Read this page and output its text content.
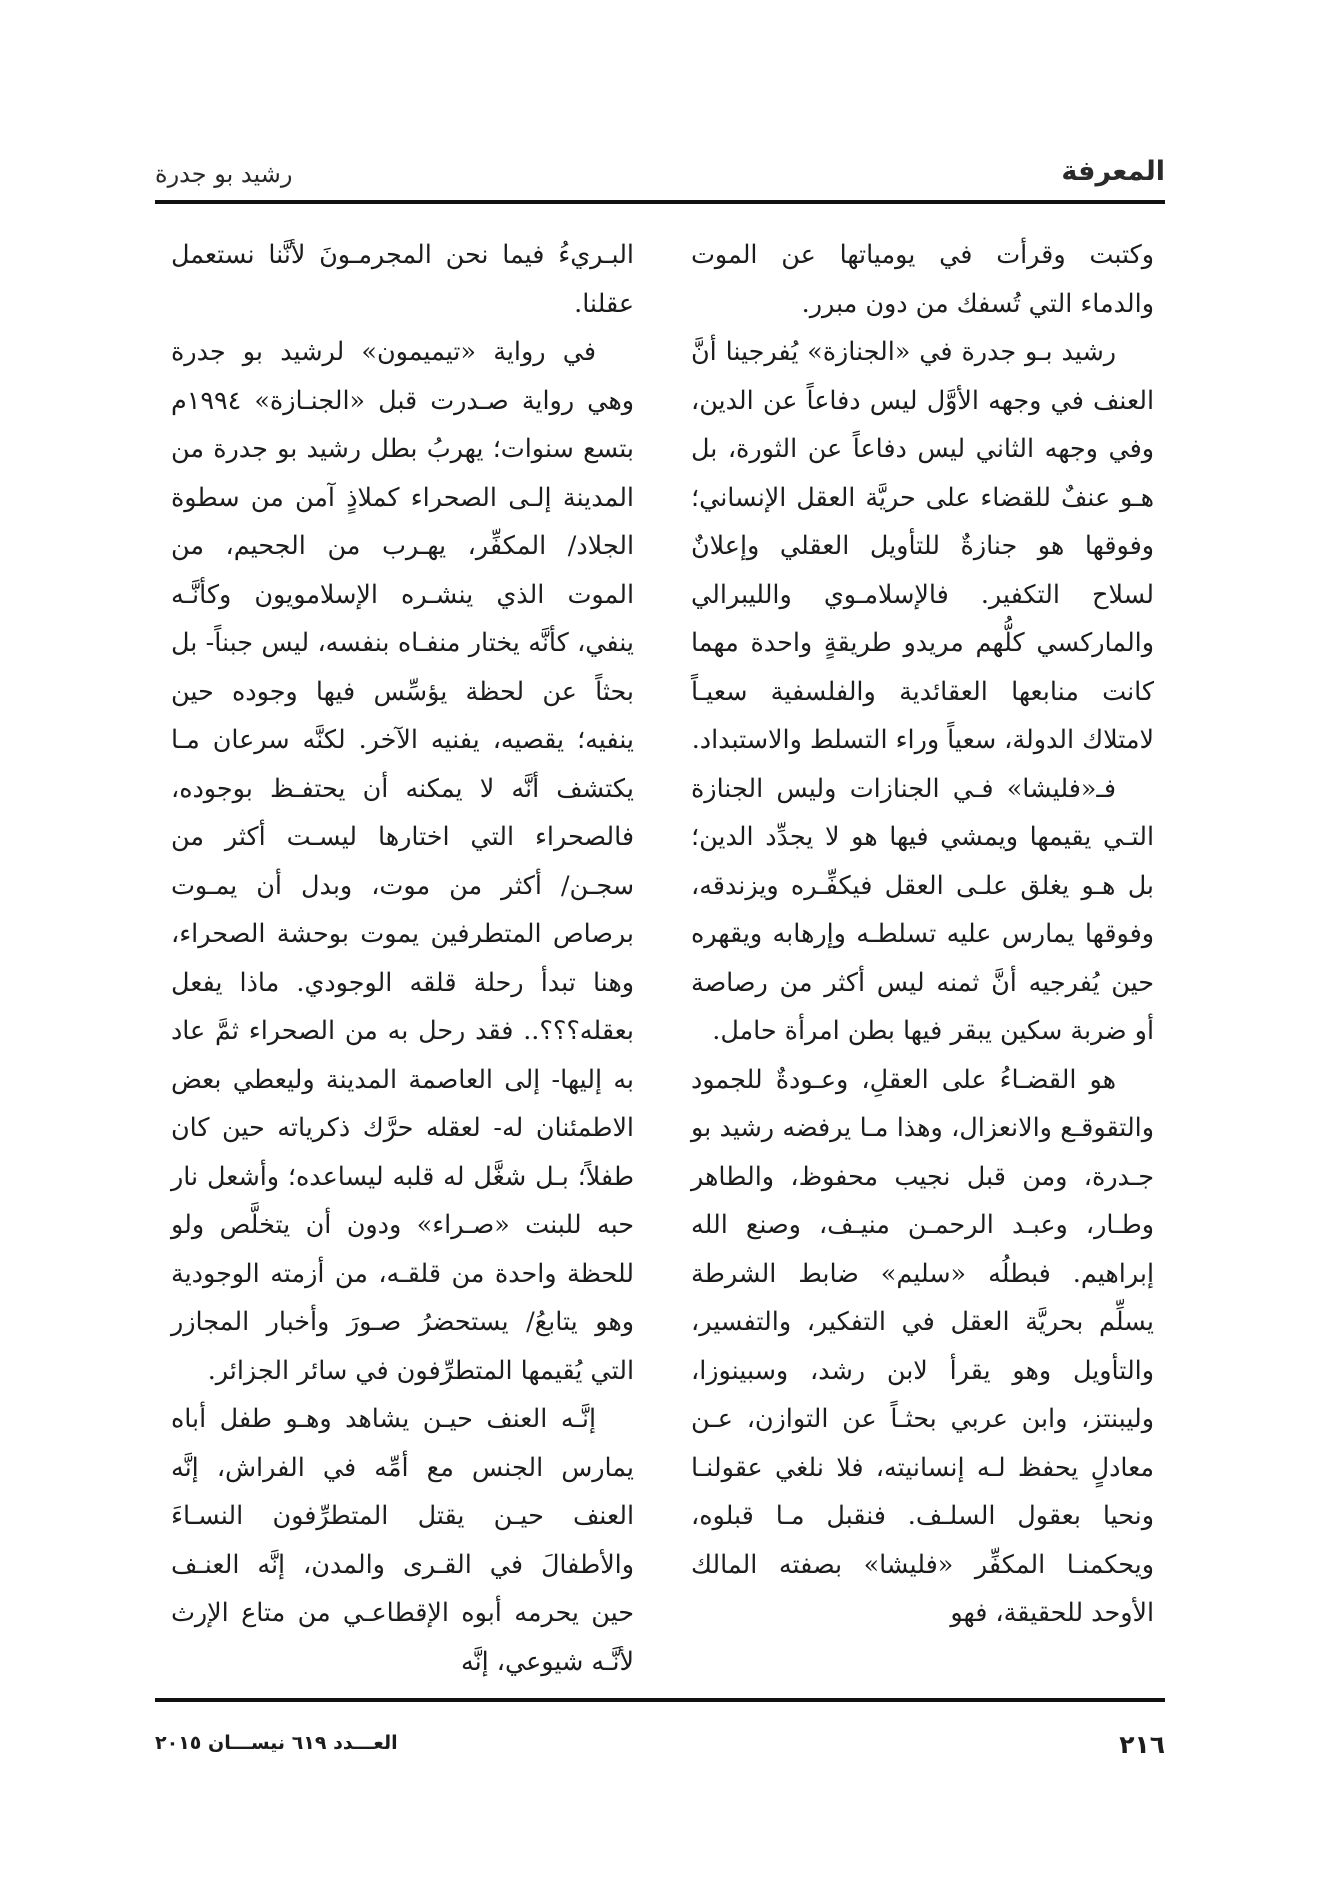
المعرفة
رشيد بو جدرة

وكتبت وقرأت في يومياتها عن الموت والدماء التي تُسفك من دون مبرر.

رشيد بـو جدرة في «الجنازة» يُفرجينا أنَّ العنف في وجهه الأوَّل ليس دفاعاً عن الدين، وفي وجهه الثاني ليس دفاعاً عن الثورة، بل هـو عنفٌ للقضاء على حريَّة العقل الإنساني؛ وفوقها هو جنازةٌ للتأويل العقلي وإعلانٌ لسلاح التكفير. فالإسلامـوي والليبرالي والماركسي كلُّهم مريدو طريقةٍ واحدة مهما كانت منابعها العقائدية والفلسفية سعيـاً لامتلاك الدولة، سعياً وراء التسلط والاستبداد.

فـ«فليشا» فـي الجنازات وليس الجنازة التـي يقيمها ويمشي فيها هو لا يجدِّد الدين؛ بل هـو يغلق علـى العقل فيكفِّـره ويزندقه، وفوقها يمارس عليه تسلطـه وإرهابه ويقهره حين يُفرجيه أنَّ ثمنه ليس أكثر من رصاصة أو ضربة سكين يبقر فيها بطن امرأة حامل.

هو القضـاءُ على العقلِ، وعـودةٌ للجمود والتقوقـع والانعزال، وهذا مـا يرفضه رشيد بو جـدرة، ومن قبل نجيب محفوظ، والطاهر وطـار، وعبـد الرحمـن منيـف، وصنع الله إبراهيم. فبطلُه «سليم» ضابط الشرطة يسلِّم بحريَّة العقل في التفكير، والتفسير، والتأويل وهو يقرأ لابن رشد، وسبينوزا، وليبنتز، وابن عربي بحثـاً عن التوازن، عـن معادلٍ يحفظ لـه إنسانيته، فلا نلغي عقولنـا ونحيا بعقول السلـف. فنقبل مـا قبلوه، ويحكمنـا المكفِّر «فليشا» بصفته المالك الأوحد للحقيقة، فهو

البـريءُ فيما نحن المجرمـونَ لأنَّنا نستعمل عقلنا.

في رواية «تيميمون» لرشيد بو جدرة وهي رواية صـدرت قبل «الجنـازة» ١٩٩٤م بتسع سنوات؛ يهربُ بطل رشيد بو جدرة من المدينة إلـى الصحراء كملاذٍ آمن من سطوة الجلاد/ المكفِّر، يهـرب من الجحيم، من الموت الذي ينشـره الإسلامويون وكأنَّـه ينفي، كأنَّه يختار منفـاه بنفسه، ليس جبناً- بل بحثاً عن لحظة يؤسِّس فيها وجوده حين ينفيه؛ يقصيه، يفنيه الآخر. لكنَّه سرعان مـا يكتشف أنَّه لا يمكنه أن يحتفـظ بوجوده، فالصحراء التي اختارها ليسـت أكثر من سجـن/ أكثر من موت، وبدل أن يمـوت برصاص المتطرفين يموت بوحشة الصحراء، وهنا تبدأ رحلة قلقه الوجودي. ماذا يفعل بعقله؟؟؟.. فقد رحل به من الصحراء ثمَّ عاد به إليها- إلى العاصمة المدينة وليعطي بعض الاطمئنان له- لعقله حرَّك ذكرياته حين كان طفلاً؛ بـل شغَّل له قلبه ليساعده؛ وأشعل نار حبه للبنت «صـراء» ودون أن يتخلَّص ولو للحظة واحدة من قلقـه، من أزمته الوجودية وهو يتابعُ/ يستحضرُ صـورَ وأخبار المجازر التي يُقيمها المتطرِّفون في سائر الجزائر.

إنَّـه العنف حيـن يشاهد وهـو طفل أباه يمارس الجنس مع أمِّه في الفراش، إنَّه العنف حيـن يقتل المتطرِّفون النسـاءَ والأطفالَ في القـرى والمدن، إنَّه العنـف حين يحرمه أبوه الإقطاعـي من متاع الإرث لأنَّـه شيوعي، إنَّه

٢١٦
العـــدد ٦١٩ نيســـان ٢٠١٥
